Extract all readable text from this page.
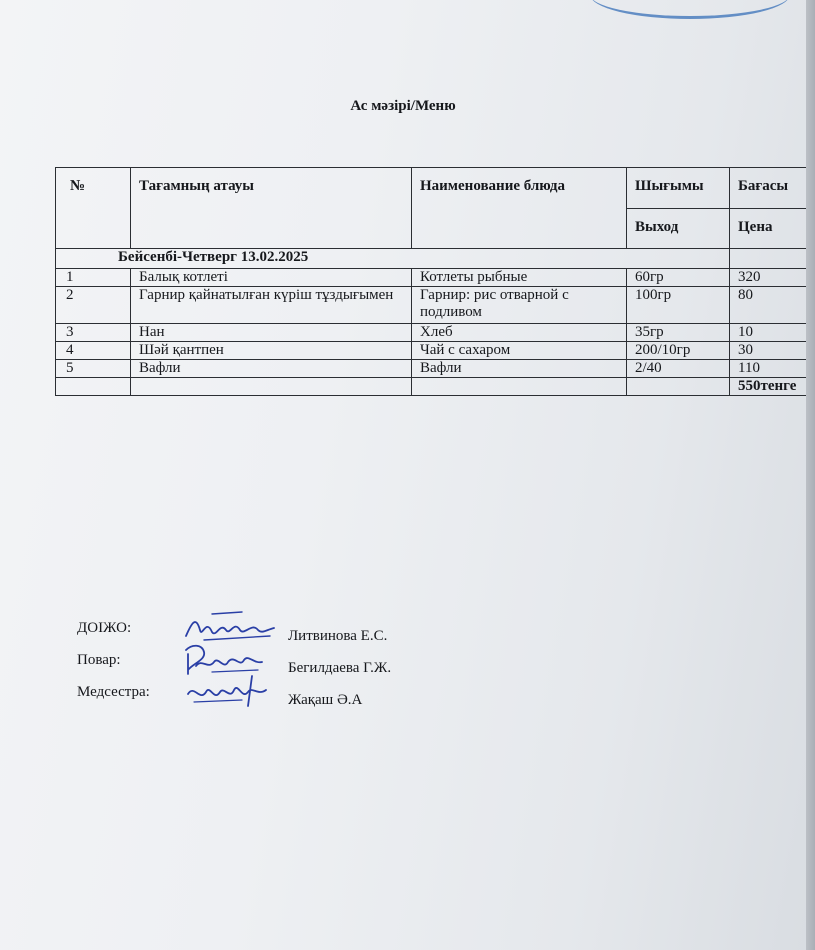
Ас мәзірі/Меню
№	Тағамның атауы	Наименование блюда	Шығымы	Бағасы
			Выход	Цена
Бейсенбі-Четверг 13.02.2025				
1	Балық котлеті	Котлеты рыбные	60гр	320
2	Гарнир қайнатылған күріш тұздығымен	Гарнир: рис отварной с подливом	100гр	80
3	Нан	Хлеб	35гр	10
4	Шәй қантпен	Чай с сахаром	200/10гр	30
5	Вафли	Вафли	2/40	110
				550тенге
ДОІЖО:	Литвинова Е.С.
Повар:	Бегилдаева Г.Ж.
Медсестра:	Жақаш Ә.А
